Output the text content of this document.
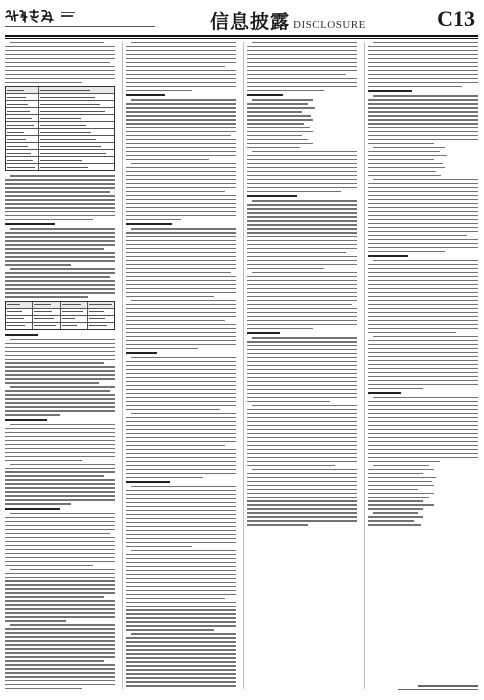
信息披露 DISCLOSURE	C13
